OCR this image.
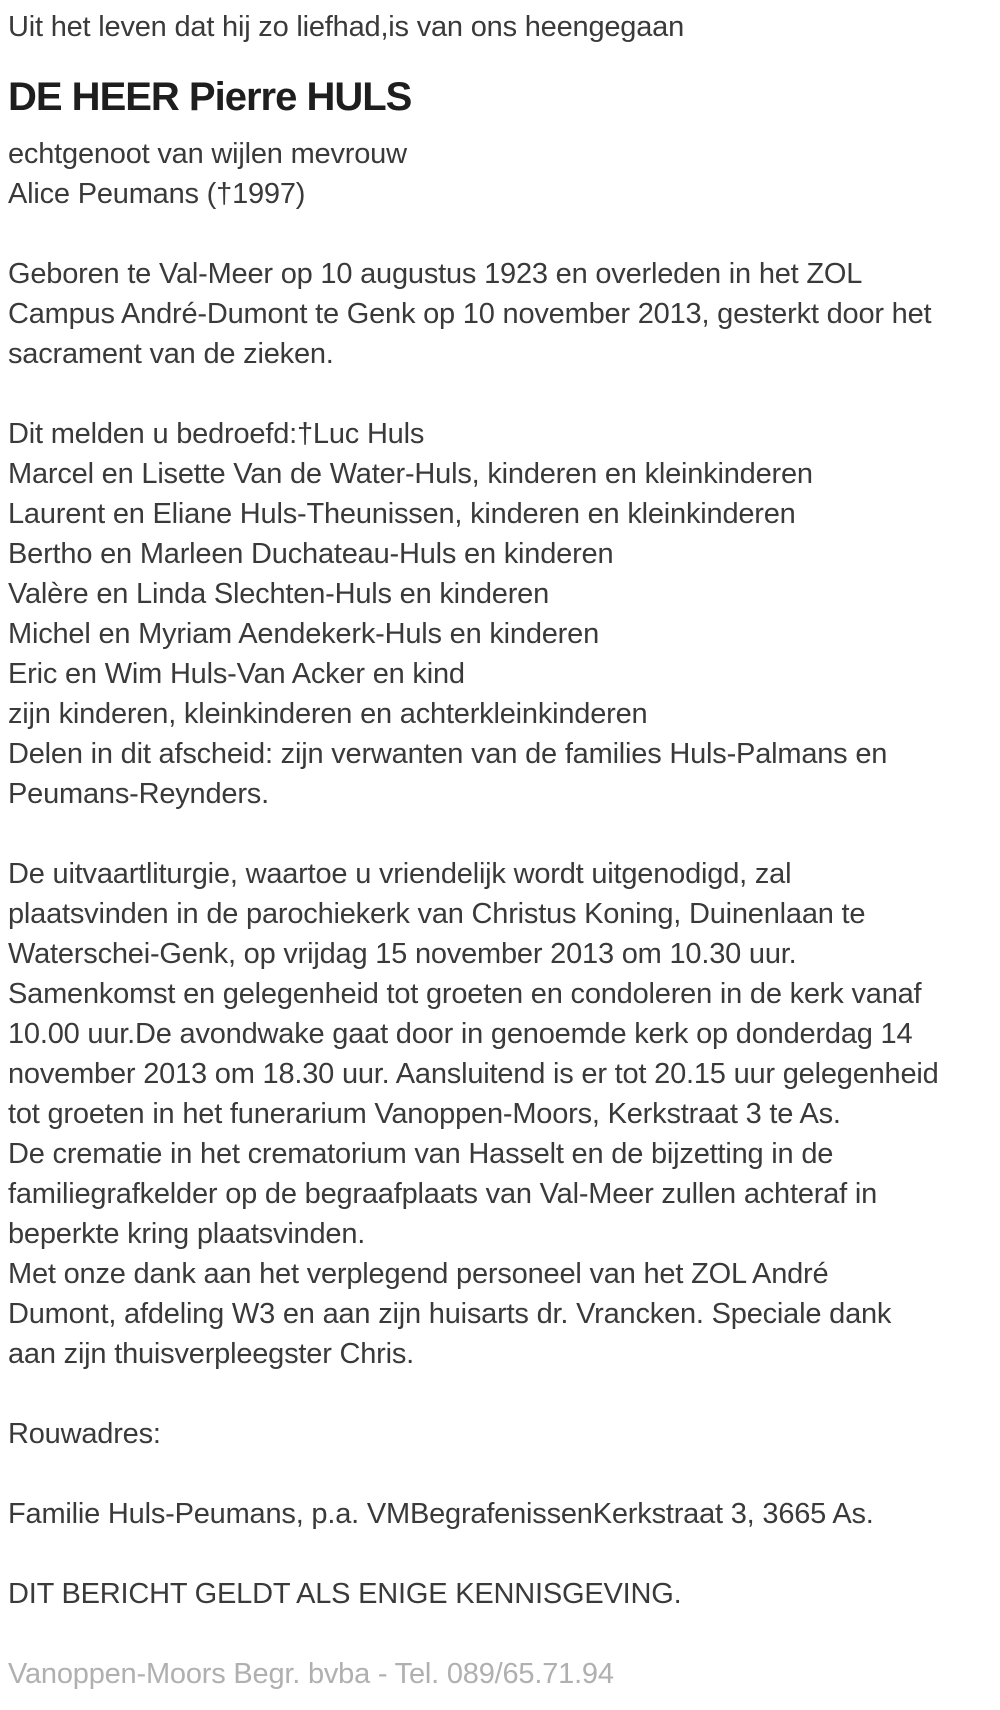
Uit het leven dat hij zo liefhad,is van ons heengegaan
DE HEER Pierre HULS
echtgenoot van wijlen mevrouw
Alice Peumans (†1997)
Geboren te Val-Meer op 10 augustus 1923 en overleden in het ZOL
Campus André-Dumont te Genk op 10 november 2013, gesterkt door het
sacrament van de zieken.
Dit melden u bedroefd:†Luc Huls
Marcel en Lisette Van de Water-Huls, kinderen en kleinkinderen
Laurent en Eliane Huls-Theunissen, kinderen en kleinkinderen
Bertho en Marleen Duchateau-Huls en kinderen
Valère en Linda Slechten-Huls en kinderen
Michel en Myriam Aendekerk-Huls en kinderen
Eric en Wim Huls-Van Acker en kind
zijn kinderen, kleinkinderen en achterkleinkinderen
Delen in dit afscheid: zijn verwanten van de families Huls-Palmans en
Peumans-Reynders.
De uitvaartliturgie, waartoe u vriendelijk wordt uitgenodigd, zal
plaatsvinden in de parochiekerk van Christus Koning, Duinenlaan te
Waterschei-Genk, op vrijdag 15 november 2013 om 10.30 uur.
Samenkomst en gelegenheid tot groeten en condoleren in de kerk vanaf
10.00 uur.De avondwake gaat door in genoemde kerk op donderdag 14
november 2013 om 18.30 uur. Aansluitend is er tot 20.15 uur gelegenheid
tot groeten in het funerarium Vanoppen-Moors, Kerkstraat 3 te As.
De crematie in het crematorium van Hasselt en de bijzetting in de
familiegrafkelder op de begraafplaats van Val-Meer zullen achteraf in
beperkte kring plaatsvinden.
Met onze dank aan het verplegend personeel van het ZOL André
Dumont, afdeling W3 en aan zijn huisarts dr. Vrancken. Speciale dank
aan zijn thuisverpleegster Chris.
Rouwadres:
Familie Huls-Peumans, p.a. VMBegrafenissenKerkstraat 3, 3665 As.
DIT BERICHT GELDT ALS ENIGE KENNISGEVING.
Vanoppen-Moors Begr. bvba - Tel. 089/65.71.94
